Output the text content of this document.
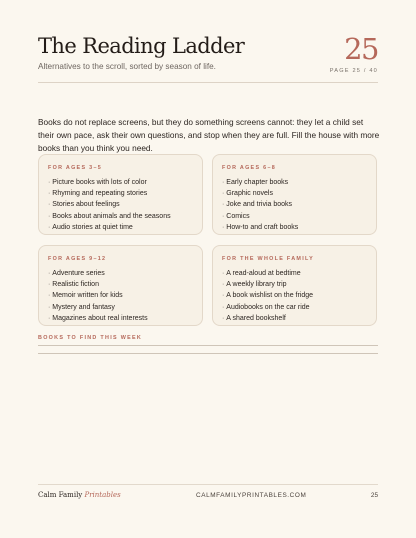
The Reading Ladder
Alternatives to the scroll, sorted by season of life.
25
PAGE 25 / 40

Books do not replace screens, but they do something screens cannot: they let a child set their own pace, ask their own questions, and stop when they are full. Fill the house with more books than you think you need.

FOR AGES 3–5
· Picture books with lots of color
· Rhyming and repeating stories
· Stories about feelings
· Books about animals and the seasons
· Audio stories at quiet time
FOR AGES 6–8
· Early chapter books
· Graphic novels
· Joke and trivia books
· Comics
· How-to and craft books
FOR AGES 9–12
· Adventure series
· Realistic fiction
· Memoir written for kids
· Mystery and fantasy
· Magazines about real interests
FOR THE WHOLE FAMILY
· A read-aloud at bedtime
· A weekly library trip
· A book wishlist on the fridge
· Audiobooks on the car ride
· A shared bookshelf
BOOKS TO FIND THIS WEEK
Calm Family Printables	CALMFAMILYPRINTABLES.COM	25
